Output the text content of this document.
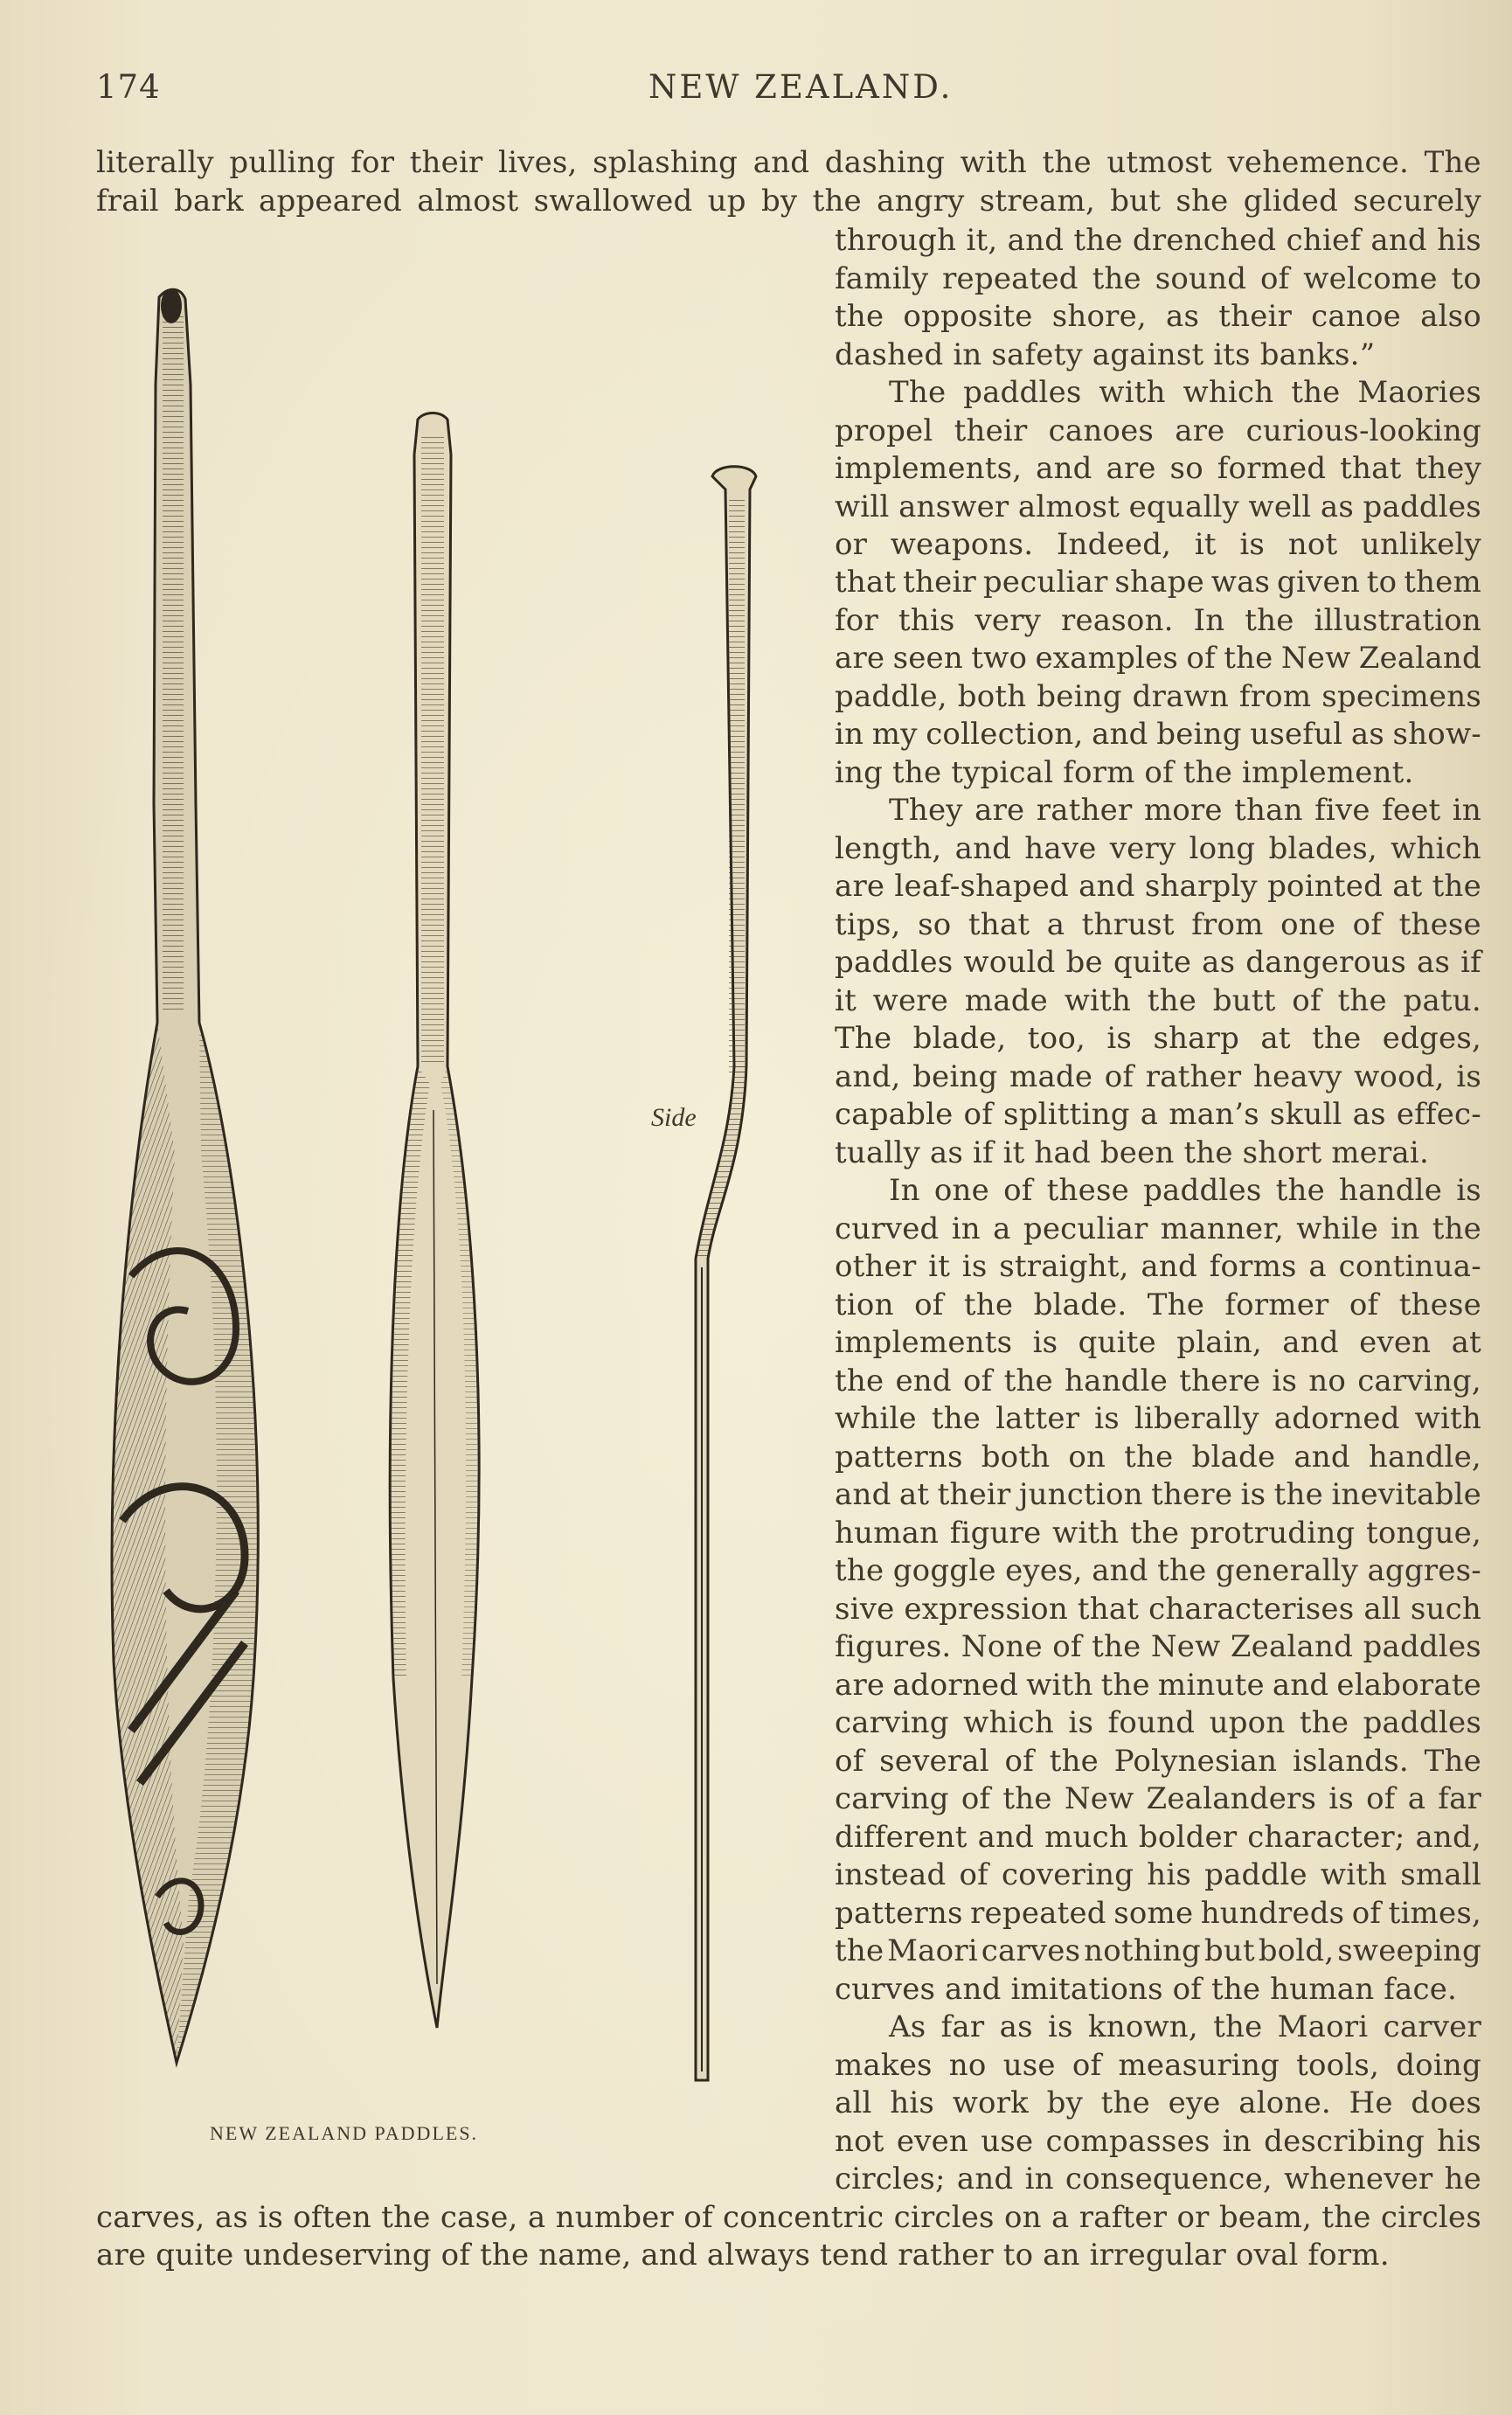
174	NEW ZEALAND.
literally pulling for their lives, splashing and dashing with the utmost vehemence. The
frail bark appeared almost swallowed up by the angry stream, but she glided securely
through it, and the drenched chief and his
family repeated the sound of welcome to
the opposite shore, as their canoe also
dashed in safety against its banks.”
The paddles with which the Maories
propel their canoes are curious-looking
implements, and are so formed that they
will answer almost equally well as paddles
or weapons. Indeed, it is not unlikely
that their peculiar shape was given to them
for this very reason. In the illustration
are seen two examples of the New Zealand
paddle, both being drawn from specimens
in my collection, and being useful as show-
ing the typical form of the implement.
They are rather more than five feet in
length, and have very long blades, which
are leaf-shaped and sharply pointed at the
tips, so that a thrust from one of these
paddles would be quite as dangerous as if
it were made with the butt of the patu.
The blade, too, is sharp at the edges,
and, being made of rather heavy wood, is
capable of splitting a man’s skull as effec-
tually as if it had been the short merai.
In one of these paddles the handle is
curved in a peculiar manner, while in the
other it is straight, and forms a continua-
tion of the blade. The former of these
implements is quite plain, and even at
the end of the handle there is no carving,
while the latter is liberally adorned with
patterns both on the blade and handle,
and at their junction there is the inevitable
human figure with the protruding tongue,
the goggle eyes, and the generally aggres-
sive expression that characterises all such
figures. None of the New Zealand paddles
are adorned with the minute and elaborate
carving which is found upon the paddles
of several of the Polynesian islands. The
carving of the New Zealanders is of a far
different and much bolder character; and,
instead of covering his paddle with small
patterns repeated some hundreds of times,
the Maori carves nothing but bold, sweeping
curves and imitations of the human face.
As far as is known, the Maori carver
makes no use of measuring tools, doing
all his work by the eye alone. He does
not even use compasses in describing his
circles; and in consequence, whenever he
carves, as is often the case, a number of concentric circles on a rafter or beam, the circles
are quite undeserving of the name, and always tend rather to an irregular oval form.
Side
NEW ZEALAND PADDLES.
